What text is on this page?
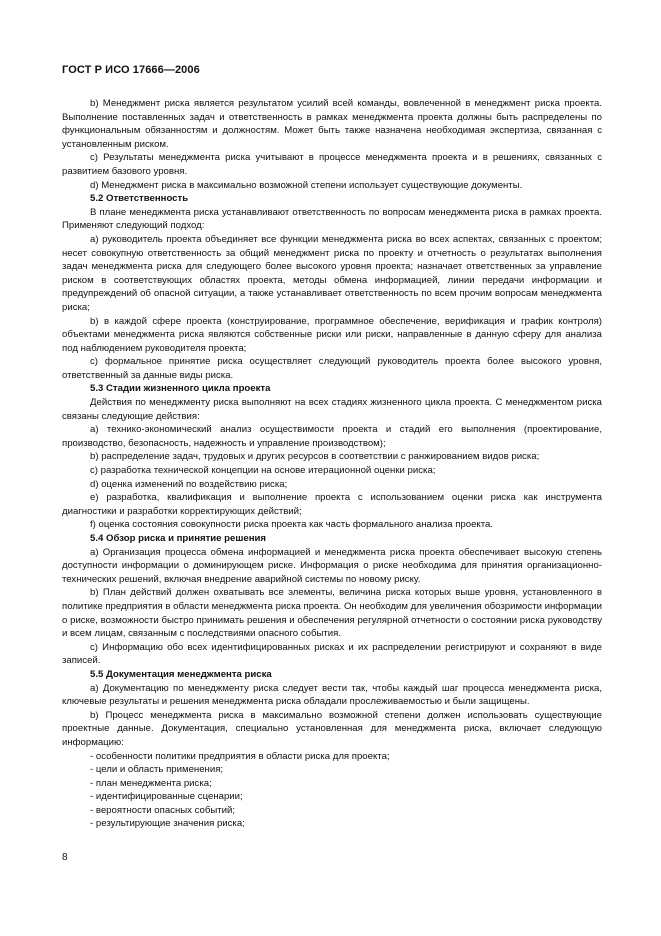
ГОСТ Р ИСО 17666—2006

b) Менеджмент риска является результатом усилий всей команды, вовлеченной в менеджмент риска проекта. Выполнение поставленных задач и ответственность в рамках менеджмента проекта должны быть распределены по функциональным обязанностям и должностям. Может быть также назначена необходимая экспертиза, связанная с установленным риском.

c) Результаты менеджмента риска учитывают в процессе менеджмента проекта и в решениях, связанных с развитием базового уровня.

d) Менеджмент риска в максимально возможной степени использует существующие документы.

5.2 Ответственность

В плане менеджмента риска устанавливают ответственность по вопросам менеджмента риска в рамках проекта. Применяют следующий подход:

а) руководитель проекта объединяет все функции менеджмента риска во всех аспектах, связанных с проектом; несет совокупную ответственность за общий менеджмент риска по проекту и отчетность о результатах выполнения задач менеджмента риска для следующего более высокого уровня проекта; назначает ответственных за управление риском в соответствующих областях проекта, методы обмена информацией, линии передачи информации и предупреждений об опасной ситуации, а также устанавливает ответственность по всем прочим вопросам менеджмента риска;

b) в каждой сфере проекта (конструирование, программное обеспечение, верификация и график контроля) объектами менеджмента риска являются собственные риски или риски, направленные в данную сферу для анализа под наблюдением руководителя проекта;

c) формальное принятие риска осуществляет следующий руководитель проекта более высокого уровня, ответственный за данные виды риска.

5.3 Стадии жизненного цикла проекта

Действия по менеджменту риска выполняют на всех стадиях жизненного цикла проекта. С менеджментом риска связаны следующие действия:

а) технико-экономический анализ осуществимости проекта и стадий его выполнения (проектирование, производство, безопасность, надежность и управление производством);

b) распределение задач, трудовых и других ресурсов в соответствии с ранжированием видов риска;

c) разработка технической концепции на основе итерационной оценки риска;

d) оценка изменений по воздействию риска;

e) разработка, квалификация и выполнение проекта с использованием оценки риска как инструмента диагностики и разработки корректирующих действий;

f) оценка состояния совокупности риска проекта как часть формального анализа проекта.

5.4 Обзор риска и принятие решения

а) Организация процесса обмена информацией и менеджмента риска проекта обеспечивает высокую степень доступности информации о доминирующем риске. Информация о риске необходима для принятия организационно-технических решений, включая внедрение аварийной системы по новому риску.

b) План действий должен охватывать все элементы, величина риска которых выше уровня, установленного в политике предприятия в области менеджмента риска проекта. Он необходим для увеличения обозримости информации о риске, возможности быстро принимать решения и обеспечения регулярной отчетности о состоянии риска руководству и всем лицам, связанным с последствиями опасного события.

c) Информацию обо всех идентифицированных рисках и их распределении регистрируют и сохраняют в виде записей.

5.5 Документация менеджмента риска

а) Документацию по менеджменту риска следует вести так, чтобы каждый шаг процесса менеджмента риска, ключевые результаты и решения менеджмента риска обладали прослеживаемостью и были защищены.

b) Процесс менеджмента риска в максимально возможной степени должен использовать существующие проектные данные. Документация, специально установленная для менеджмента риска, включает следующую информацию:

- особенности политики предприятия в области риска для проекта;

- цели и область применения;

- план менеджмента риска;

- идентифицированные сценарии;

- вероятности опасных событий;

- результирующие значения риска;

8
